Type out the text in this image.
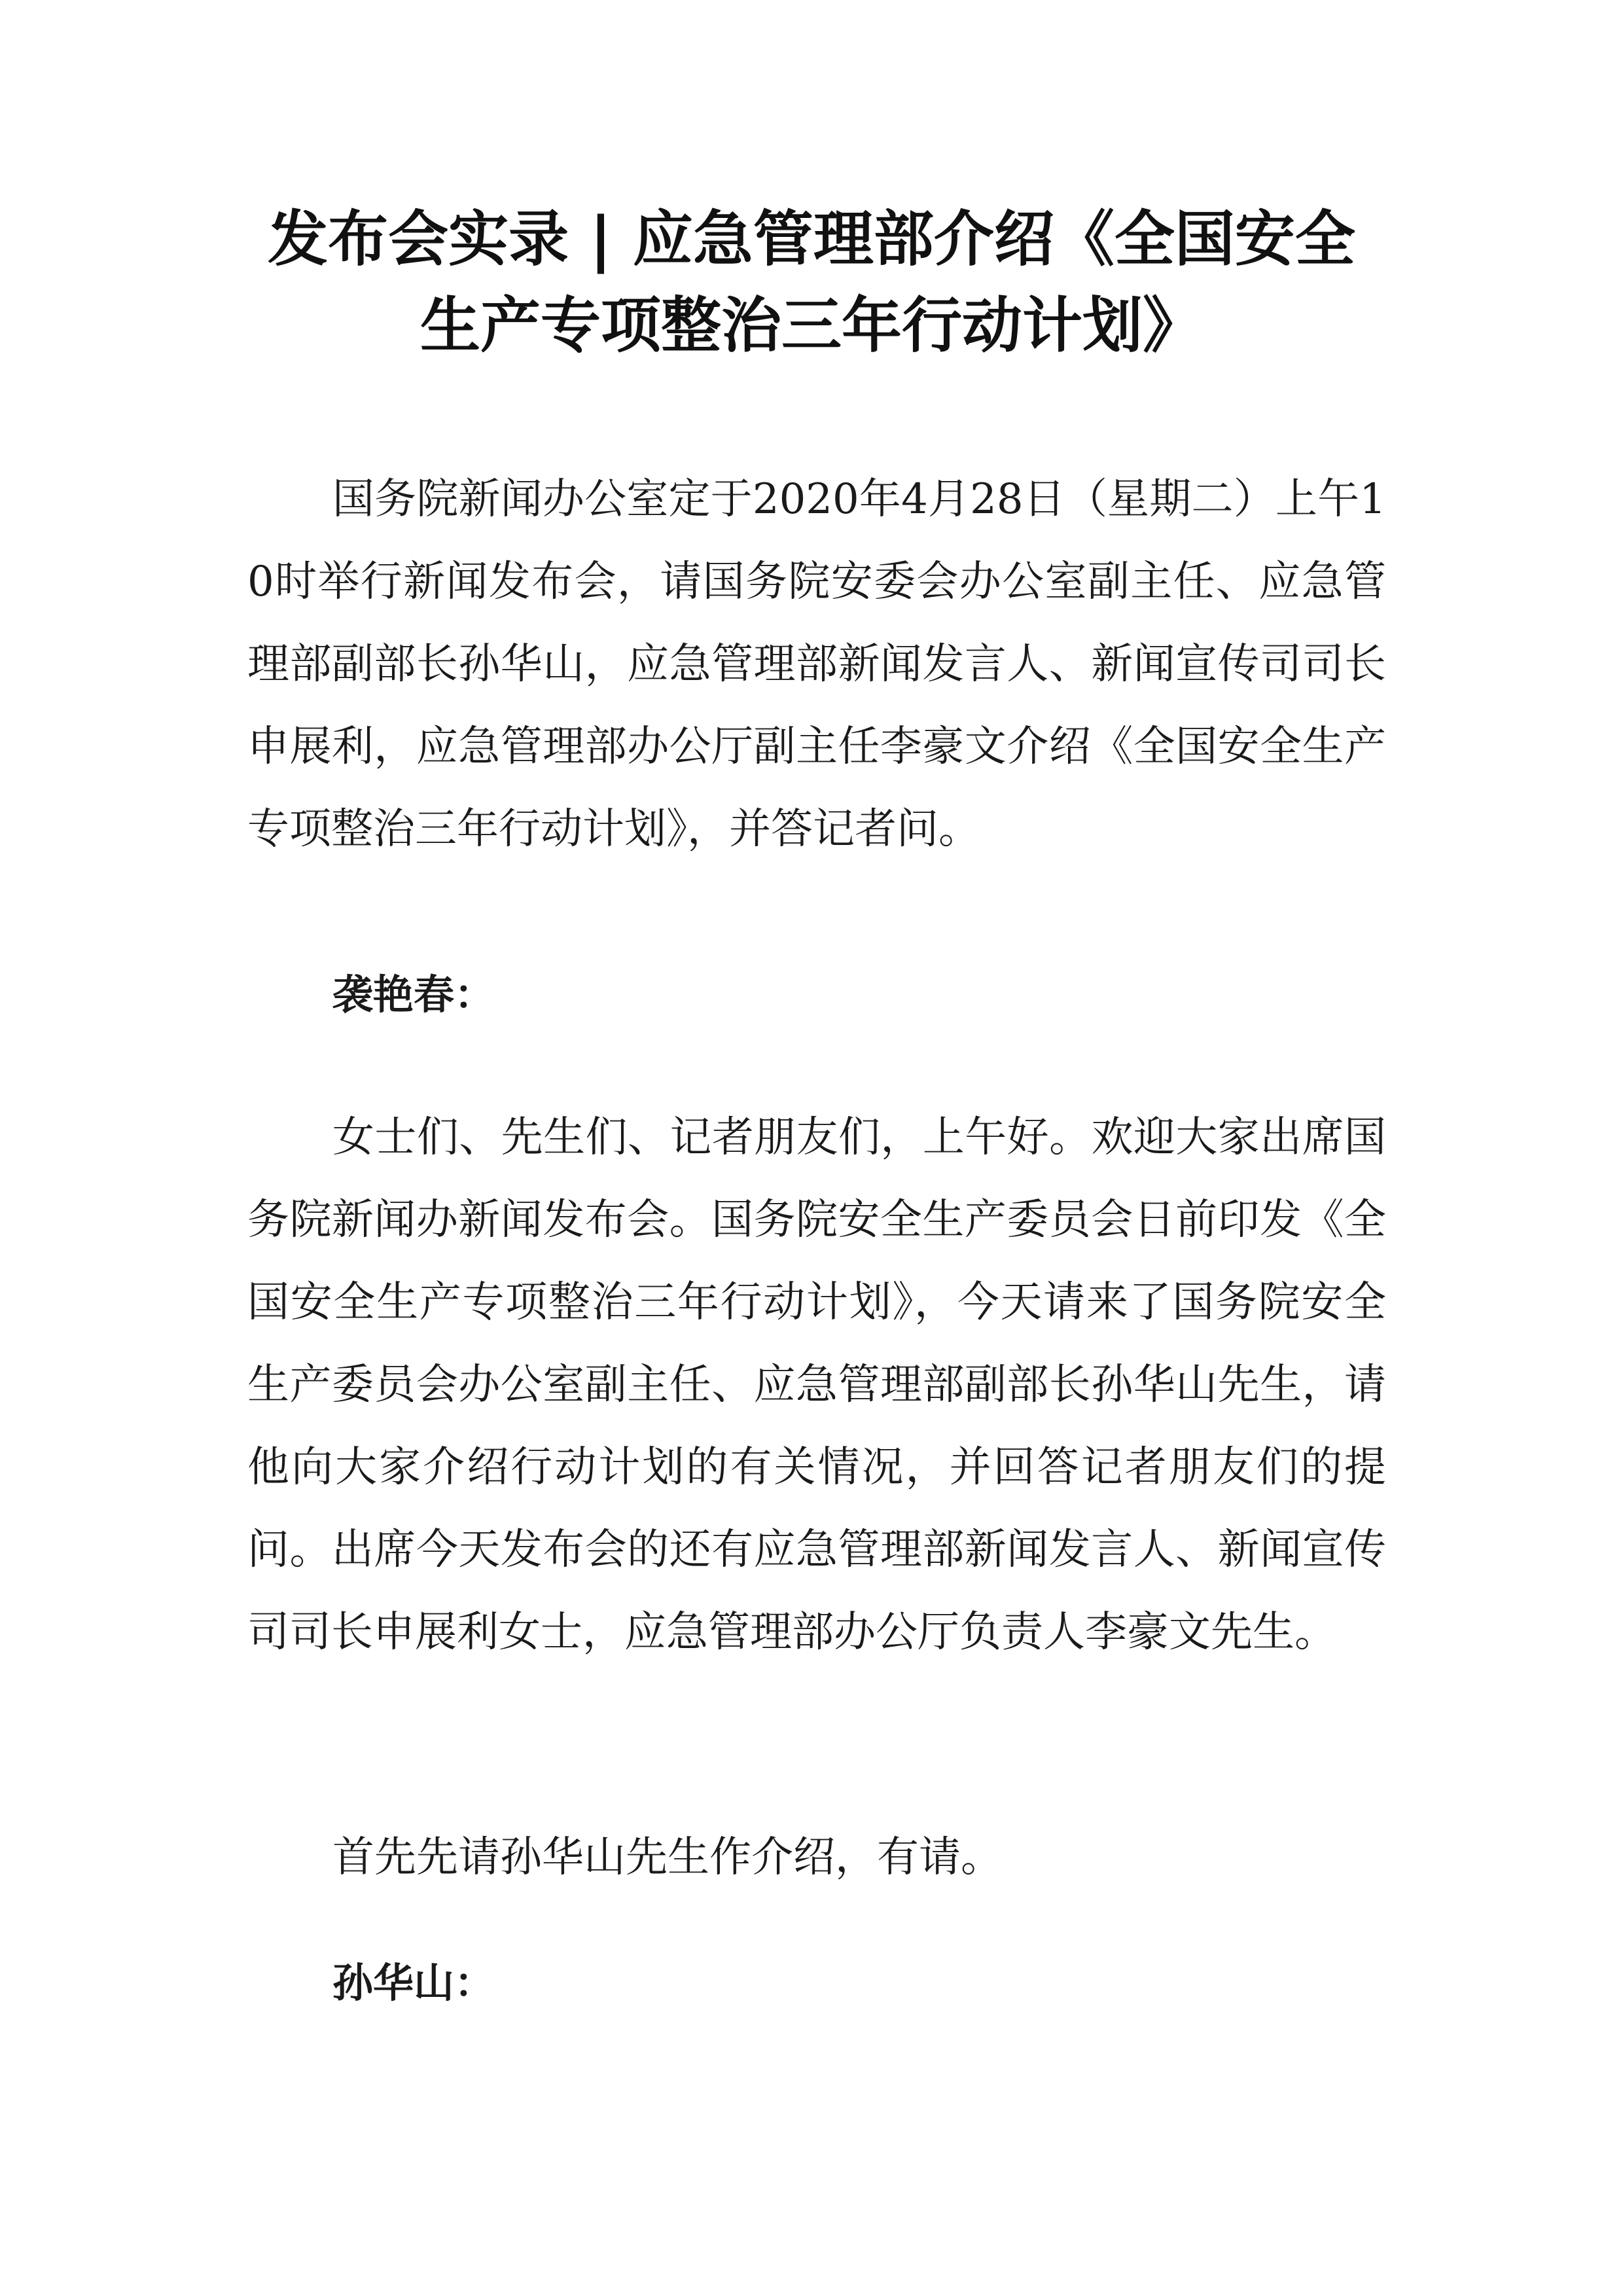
发布会实录 | 应急管理部介绍《全国安全
生产专项整治三年行动计划》

国务院新闻办公室定于2020年4月28日（星期二）上午10时举行新闻发布会，请国务院安委会办公室副主任、应急管理部副部长孙华山，应急管理部新闻发言人、新闻宣传司司长申展利，应急管理部办公厅副主任李豪文介绍《全国安全生产专项整治三年行动计划》，并答记者问。

袭艳春：

女士们、先生们、记者朋友们，上午好。欢迎大家出席国务院新闻办新闻发布会。国务院安全生产委员会日前印发《全国安全生产专项整治三年行动计划》，今天请来了国务院安全生产委员会办公室副主任、应急管理部副部长孙华山先生，请他向大家介绍行动计划的有关情况，并回答记者朋友们的提问。出席今天发布会的还有应急管理部新闻发言人、新闻宣传司司长申展利女士，应急管理部办公厅负责人李豪文先生。

首先先请孙华山先生作介绍，有请。

孙华山：
